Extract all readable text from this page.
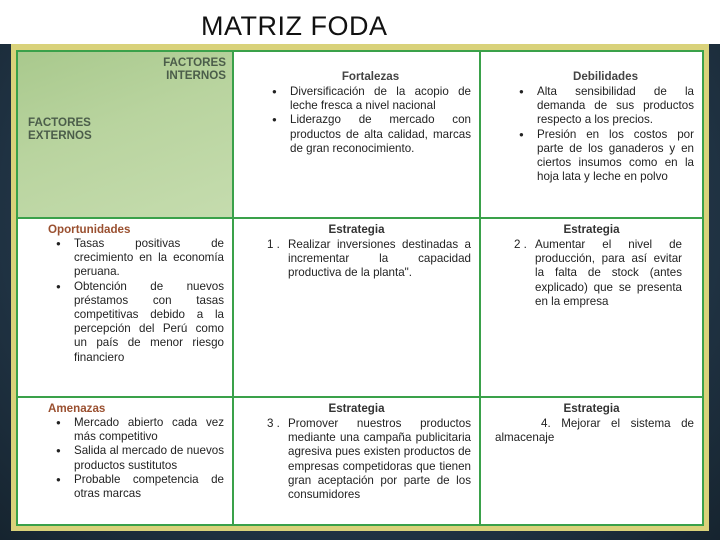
MATRIZ FODA
FACTORES
INTERNOS
FACTORES
EXTERNOS
Fortalezas
● Diversificación de la acopio de leche fresca a nivel nacional
● Liderazgo de mercado con productos de alta calidad, marcas de gran reconocimiento.
Debilidades
● Alta sensibilidad de la demanda de sus productos respecto a los precios.
● Presión en los costos por parte de los ganaderos y en ciertos insumos como en la hoja lata y leche en polvo
Oportunidades
● Tasas positivas de crecimiento en la economía peruana.
● Obtención de nuevos préstamos con tasas competitivas debido a la percepción del Perú como un país de menor riesgo financiero
Estrategia
1 . Realizar inversiones destinadas a incrementar la capacidad productiva de la planta".
Estrategia
2 . Aumentar el nivel de producción, para así evitar la falta de stock (antes explicado) que se presenta en la empresa
Amenazas
● Mercado abierto cada vez más competitivo
● Salida al mercado de nuevos productos sustitutos
● Probable competencia de otras marcas
Estrategia
3 . Promover nuestros productos mediante una campaña publicitaria agresiva pues existen productos de empresas competidoras que tienen gran aceptación por parte de los consumidores
Estrategia
4. Mejorar el sistema de almacenaje
